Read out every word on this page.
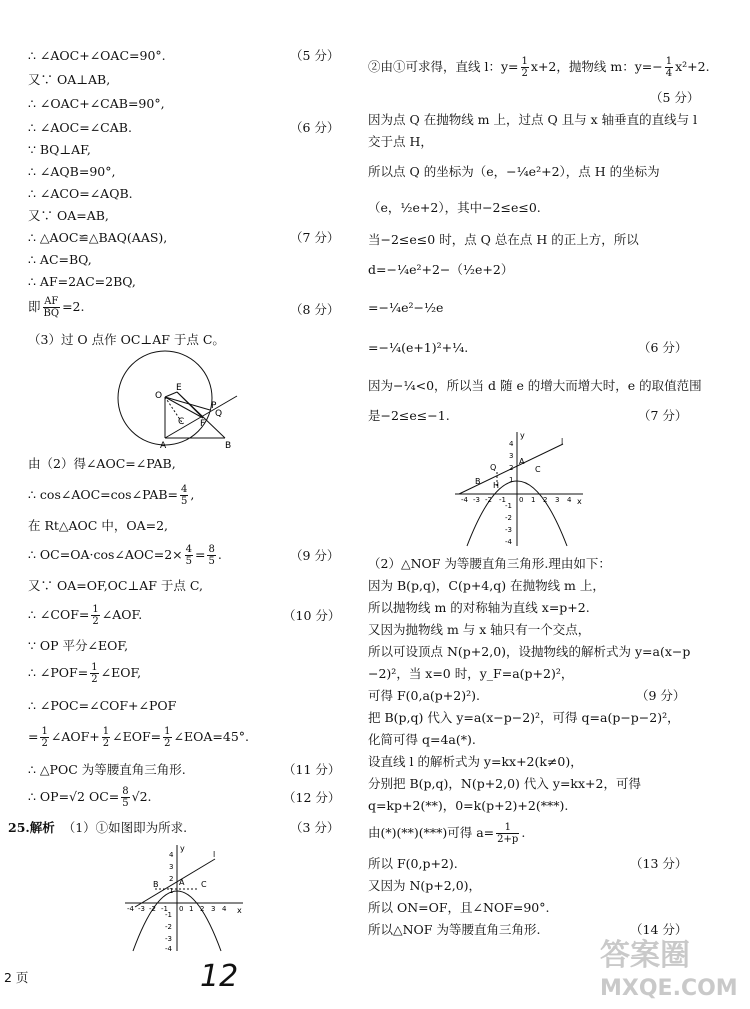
∴ ∠AOC+∠OAC=90°.	（5 分）
又∵ OA⊥AB,
∴ ∠OAC+∠CAB=90°,
∴ ∠AOC=∠CAB.	（6 分）
∵ BQ⊥AF,
∴ ∠AQB=90°,
∴ ∠ACO=∠AQB.
又∵ OA=AB,
∴ △AOC≌△BAQ(AAS),	（7 分）
∴ AC=BQ,
∴ AF=2AC=2BQ,
即 $\frac{AF}{BQ} =2$.	（8 分）
（3）过 O 点作 OC⊥AF 于点 C。
O
E
P
Q
C F
A	B
由（2）得∠AOC=∠PAB,
∴ cos∠AOC=cos∠PAB= $\frac{4}{5}$ ,
在 Rt△AOC 中，OA=2,
∴ OC=OA·cos∠AOC=2× $\frac{4}{5} = \frac{8}{5}$ .	（9 分）
又∵ OA=OF,OC⊥AF 于点 C,
∴ ∠COF= $\frac{1}{2}$ ∠AOF.	（10 分）
∵ OP 平分∠EOF,
∴ ∠POF= $\frac{1}{2}$ ∠EOF,
∴ ∠POC=∠COF+∠POF
= $\frac{1}{2}$ ∠AOF+ $\frac{1}{2}$ ∠EOF= $\frac{1}{2}$ ∠EOA=45°.
∴ △POC 为等腰直角三角形.	（11 分）
∴ OP=√2 $OC= \frac{8}{5} √2$.	（12 分）
25.解析 （1）①如图即为所求.	（3 分）
y
l
B	A C
x
4
3
2
1
-1
-2
-3
-4
-4 -3 -2 -1 0 1 2 3 4
2 页	12
②由①可求得，直线 l：$y= \frac{1}{2} x+2$，抛物线 m：$y=- \frac{1}{4} x^2+2$.
（5 分）
因为点 Q 在抛物线 m 上，过点 Q 且与 x 轴垂直的直线与 l
交于点 H，
所以点 Q 的坐标为（e，−¼e²+2），点 H 的坐标为
（e，½e+2），其中−2≤e≤0.
当−2≤e≤0 时，点 Q 总在点 H 的正上方，所以
d=−¼e²+2−（½e+2）
=−¼e²−½e
=−¼(e+1)²+¼.	（6 分）
因为−¼<0，所以当 d 随 e 的增大而增大时，e 的取值范围
是−2≤e≤−1.	（7 分）
y
l
Q
A
H
C
B
x
4
3
2
1
-1
-2
-3
-4
-4 -3 -2 -1 0 1 2 3 4
（2）△NOF 为等腰直角三角形.理由如下：
因为 B(p,q)，C(p+4,q) 在抛物线 m 上，
所以抛物线 m 的对称轴为直线 x=p+2.
又因为抛物线 m 与 x 轴只有一个交点，
所以可设顶点 N(p+2,0)，设抛物线的解析式为 y=a(x−p
−2)²，当 x=0 时，y_F=a(p+2)²，
可得 F(0,a(p+2)²).	（9 分）
把 B(p,q) 代入 y=a(x−p−2)²，可得 q=a(p−p−2)²，
化简可得 q=4a(*).
设直线 l 的解析式为 y=kx+2(k≠0)，
分别把 B(p,q)，N(p+2,0) 代入 y=kx+2，可得
q=kp+2(**)，0=k(p+2)+2(***).
由(*)(**)(***)可得 $a= \frac{1}{2+p}$ .
所以 F(0,p+2).	（13 分）
又因为 N(p+2,0)，
所以 ON=OF，且∠NOF=90°.
所以△NOF 为等腰直角三角形.	（14 分）
答案圈
MXQE.COM
